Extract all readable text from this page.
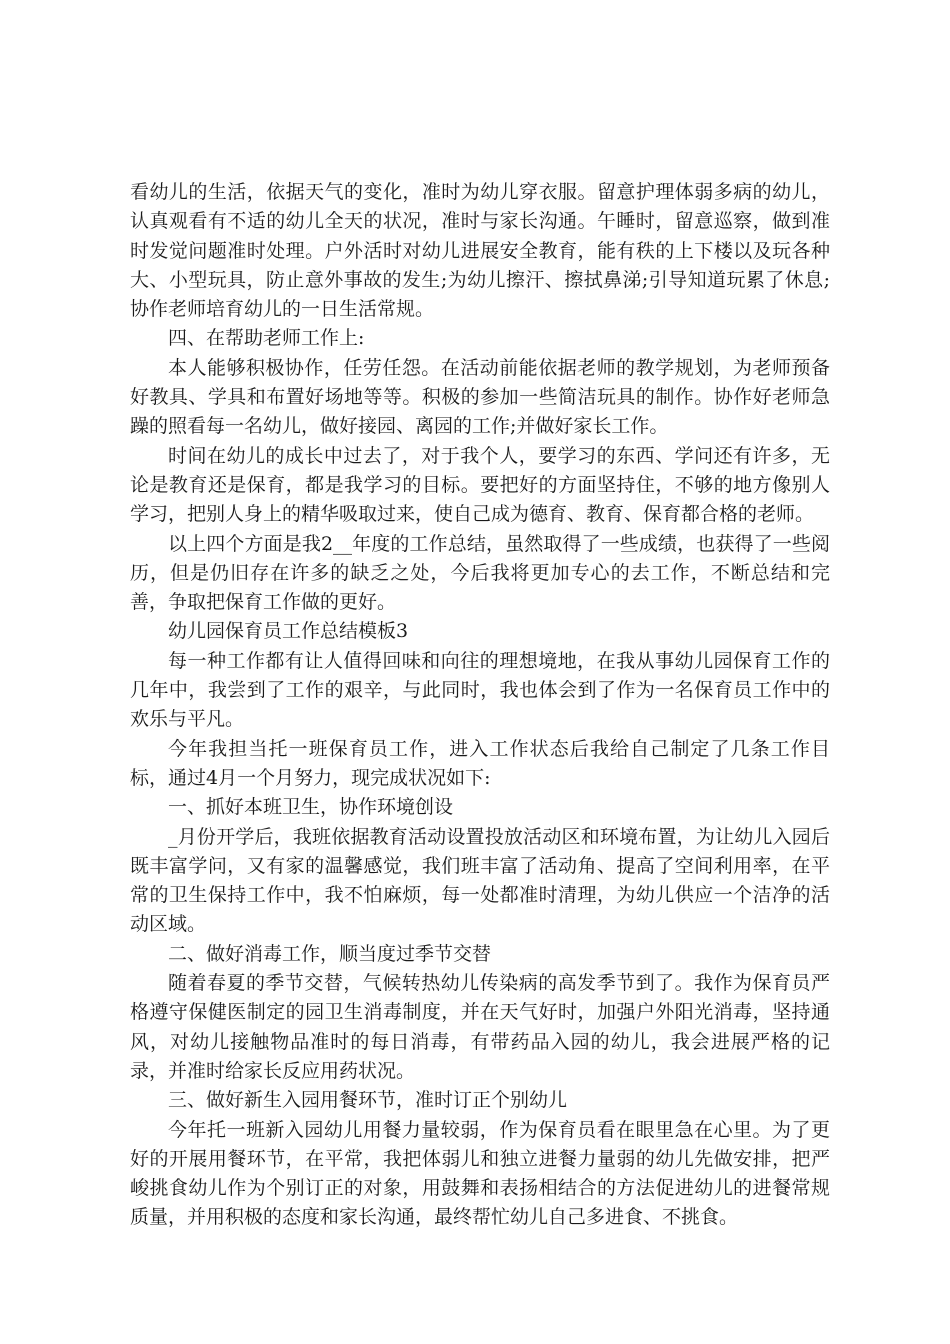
看幼儿的生活，依据天气的变化，准时为幼儿穿衣服。留意护理体弱多病的幼儿，认真观看有不适的幼儿全天的状况，准时与家长沟通。午睡时，留意巡察，做到准时发觉问题准时处理。户外活时对幼儿进展安全教育，能有秩的上下楼以及玩各种大、小型玩具，防止意外事故的发生;为幼儿擦汗、擦拭鼻涕;引导知道玩累了休息;协作老师培育幼儿的一日生活常规。

四、在帮助老师工作上:

本人能够积极协作，任劳任怨。在活动前能依据老师的教学规划，为老师预备好教具、学具和布置好场地等等。积极的参加一些简洁玩具的制作。协作好老师急躁的照看每一名幼儿，做好接园、离园的工作;并做好家长工作。

时间在幼儿的成长中过去了，对于我个人，要学习的东西、学问还有许多，无论是教育还是保育，都是我学习的目标。要把好的方面坚持住，不够的地方像别人学习，把别人身上的精华吸取过来，使自己成为德育、教育、保育都合格的老师。

以上四个方面是我2__年度的工作总结，虽然取得了一些成绩，也获得了一些阅历，但是仍旧存在许多的缺乏之处，今后我将更加专心的去工作，不断总结和完善，争取把保育工作做的更好。

幼儿园保育员工作总结模板3

每一种工作都有让人值得回味和向往的理想境地，在我从事幼儿园保育工作的几年中，我尝到了工作的艰辛，与此同时，我也体会到了作为一名保育员工作中的欢乐与平凡。

今年我担当托一班保育员工作，进入工作状态后我给自己制定了几条工作目标，通过4月一个月努力，现完成状况如下:

一、抓好本班卫生，协作环境创设

_月份开学后，我班依据教育活动设置投放活动区和环境布置，为让幼儿入园后既丰富学问，又有家的温馨感觉，我们班丰富了活动角、提高了空间利用率，在平常的卫生保持工作中，我不怕麻烦，每一处都准时清理，为幼儿供应一个洁净的活动区域。

二、做好消毒工作，顺当度过季节交替

随着春夏的季节交替，气候转热幼儿传染病的高发季节到了。我作为保育员严格遵守保健医制定的园卫生消毒制度，并在天气好时，加强户外阳光消毒，坚持通风，对幼儿接触物品准时的每日消毒，有带药品入园的幼儿，我会进展严格的记录，并准时给家长反应用药状况。

三、做好新生入园用餐环节，准时订正个别幼儿

今年托一班新入园幼儿用餐力量较弱，作为保育员看在眼里急在心里。为了更好的开展用餐环节，在平常，我把体弱儿和独立进餐力量弱的幼儿先做安排，把严峻挑食幼儿作为个别订正的对象，用鼓舞和表扬相结合的方法促进幼儿的进餐常规质量，并用积极的态度和家长沟通，最终帮忙幼儿自己多进食、不挑食。
